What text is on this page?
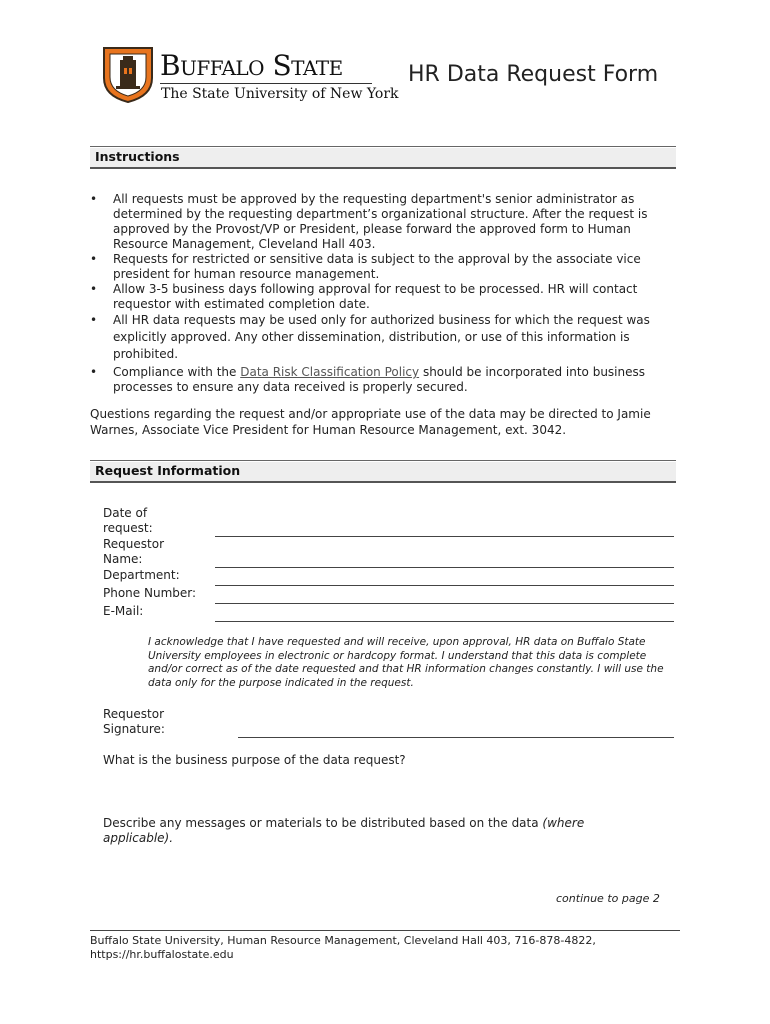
Buffalo State
The State University of New York
HR Data Request Form
Instructions
• All requests must be approved by the requesting department's senior administrator as determined by the requesting department’s organizational structure. After the request is approved by the Provost/VP or President, please forward the approved form to Human Resource Management, Cleveland Hall 403.
• Requests for restricted or sensitive data is subject to the approval by the associate vice president for human resource management.
• Allow 3-5 business days following approval for request to be processed. HR will contact requestor with estimated completion date.
• All HR data requests may be used only for authorized business for which the request was explicitly approved. Any other dissemination, distribution, or use of this information is prohibited.
• Compliance with the Data Risk Classification Policy should be incorporated into business processes to ensure any data received is properly secured.
Questions regarding the request and/or appropriate use of the data may be directed to Jamie Warnes, Associate Vice President for Human Resource Management, ext. 3042.
Request Information
Date of
request:
Requestor
Name:
Department:
Phone Number:
E-Mail:
I acknowledge that I have requested and will receive, upon approval, HR data on Buffalo State University employees in electronic or hardcopy format. I understand that this data is complete and/or correct as of the date requested and that HR information changes constantly. I will use the data only for the purpose indicated in the request.
Requestor
Signature:
What is the business purpose of the data request?
Describe any messages or materials to be distributed based on the data (where applicable).
continue to page 2
Buffalo State University, Human Resource Management, Cleveland Hall 403, 716-878-4822,
https://hr.buffalostate.edu
